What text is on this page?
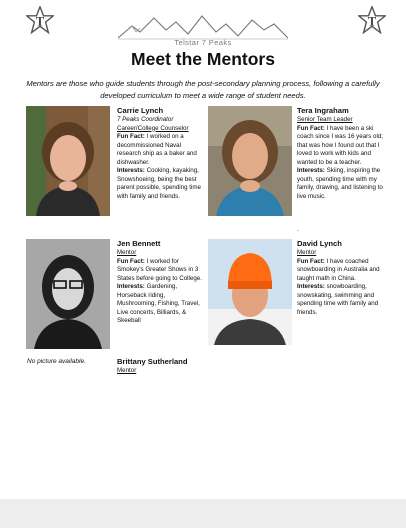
T	T
Telstar 7 Peaks
Meet the Mentors
Mentors are those who guide students through the post-secondary planning process, following a carefully developed curriculum to meet a wide range of student needs.
Carrie Lynch
7 Peaks Coordinator
Career/College Counselor
Fun Fact: I worked on a decommissioned Naval research ship as a baker and dishwasher.
Interests: Cooking, kayaking, Snowshoeing, being the best parent possible, spending time with family and friends.
Tera Ingraham
Senior Team Leader
Fun Fact: I have been a ski coach since I was 16 years old; that was how I found out that I loved to work with kids and wanted to be a teacher.
Interests: Skiing, inspiring the youth, spending time with my family, drawing, and listening to live music.
.
Jen Bennett
Mentor
Fun Fact: I worked for Smokey's Greater Shows in 3 States before going to College.
Interests: Gardening, Horseback riding, Mushrooming, Fishing, Travel, Live concerts, Billiards, & Skeeball
David Lynch
Mentor
Fun Fact: I have coached snowboarding in Australia and taught math in China.
Interests: snowboarding, snowskating, swimming and spending time with family and friends.
No picture available.	Brittany Sutherland
Mentor
